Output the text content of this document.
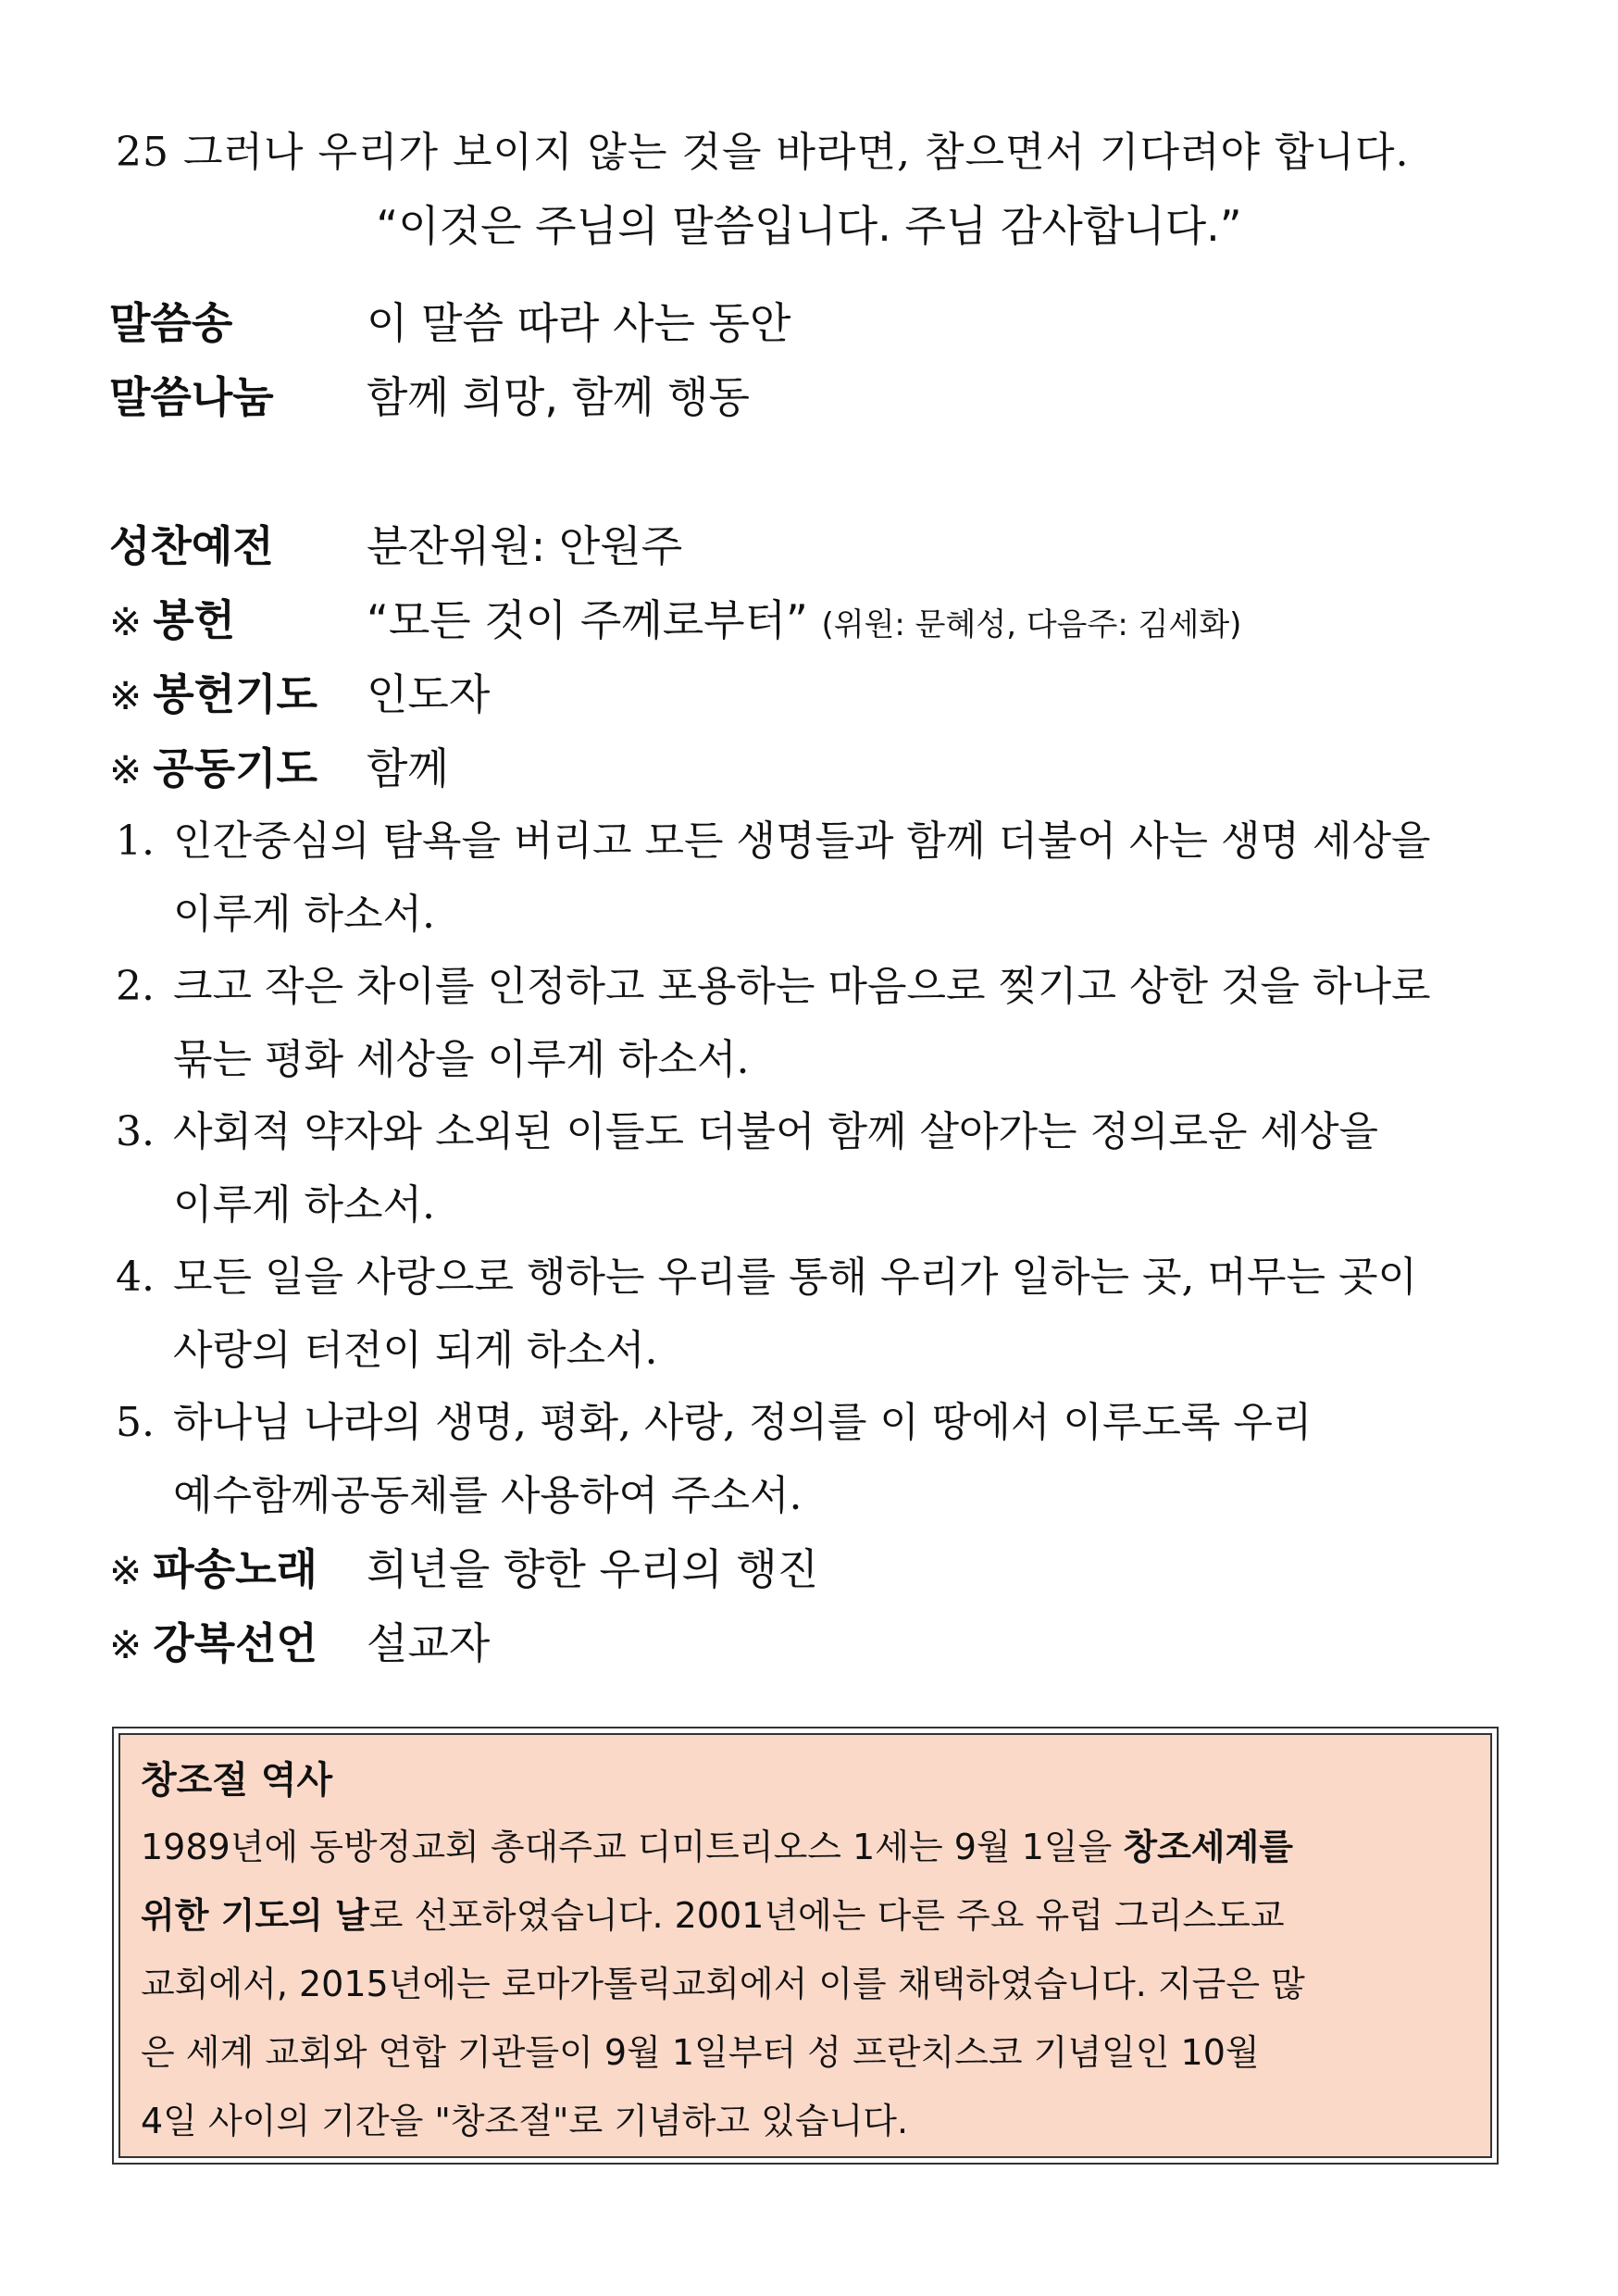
25 그러나 우리가 보이지 않는 것을 바라면, 참으면서 기다려야 합니다.
“이것은 주님의 말씀입니다. 주님 감사합니다.”
말씀송	이 말씀 따라 사는 동안
말씀나눔 함께 희망, 함께 행동
성찬예전 분잔위원: 안원주
※ 봉헌	“모든 것이 주께로부터” (위원: 문혜성, 다음주: 김세화)
※ 봉헌기도 인도자
※ 공동기도 함께
1. 인간중심의 탐욕을 버리고 모든 생명들과 함께 더불어 사는 생명 세상을
이루게 하소서.
2. 크고 작은 차이를 인정하고 포용하는 마음으로 찢기고 상한 것을 하나로
묶는 평화 세상을 이루게 하소서.
3. 사회적 약자와 소외된 이들도 더불어 함께 살아가는 정의로운 세상을
이루게 하소서.
4. 모든 일을 사랑으로 행하는 우리를 통해 우리가 일하는 곳, 머무는 곳이
사랑의 터전이 되게 하소서.
5. 하나님 나라의 생명, 평화, 사랑, 정의를 이 땅에서 이루도록 우리
예수함께공동체를 사용하여 주소서.
※ 파송노래 희년을 향한 우리의 행진
※ 강복선언 설교자
창조절 역사
1989년에 동방정교회 총대주교 디미트리오스 1세는 9월 1일을 창조세계를
위한 기도의 날로 선포하였습니다. 2001년에는 다른 주요 유럽 그리스도교
교회에서, 2015년에는 로마가톨릭교회에서 이를 채택하였습니다. 지금은 많
은 세계 교회와 연합 기관들이 9월 1일부터 성 프란치스코 기념일인 10월
4일 사이의 기간을 "창조절"로 기념하고 있습니다.
